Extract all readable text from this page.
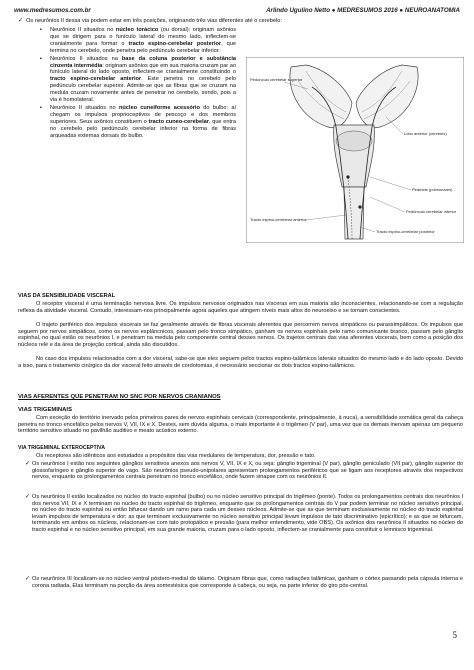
www.medresumos.com.br	Arlindo Ugulino Netto ● MEDRESUMOS 2016 ● NEUROANATOMIA
✓ Os neurônios II dessa via podem estar em três posições, originando três vias diferentes até o cerebelo:
▪ Neurônios II situados no núcleo torácico (ou dorsal): originam axônios que se dirigem para o funículo lateral do mesmo lado, inflectem-se cranialmente para formar o tracto espino-cerebelar posterior, que termina no cerebelo, onde penetra pelo pedúnculo cerebelar inferior.
▪ Neurônios II situados na base da coluna posterior e substância cinzenta intermédia: originam axônios que em sua maioria cruzam par ao funículo lateral do lado oposto, inflectem-se cranialmente constituindo o tracto espino-cerebelar anterior. Este penetra no cerebelo pelo pedúnculo cerebelar superior. Admite-se que as fibras que se cruzam na medula cruzam novamente antes de penetrar no cerebelo, sendo, pois a via é homolateral.
▪ Neurônios II situados no núcleo cuneiforme acessório do bulbo: aí chegam os impulsos proprioceptivos de pescoço e dos membros superiores. Seus axônios constituem o tracto cuneo-cerebelar, que entra no cerebelo pelo pedúnculo cerebelar inferior na forma de fibras arqueadas externas dorsais do bulbo.
Pedúnculo cerebelar superior
Lobo anterior (cerebelo)
Pirâmide (pulmonares)
Pedúnculo cerebelar inferior
Tracto espino-cerebelar anterior
Tracto espino-cerebelar posterior
VIAS DA SENSIBILIDADE VISCERAL
O receptor visceral é uma terminação nervosa livre. Os impulsos nervosos originados nas vísceras em sua maioria são inconscientes, relacionando-se com a regulação reflexa da atividade visceral. Contudo, interessam-nos principalmente agora aqueles que atingem níveis mais altos do neuroeixo e se tornam conscientes.
O trajeto periférico dos impulsos viscerais se faz geralmente através de fibras viscerais aferentes que percorrem nervos simpáticos ou parassimpáticos. Os impulsos que seguem por nervos simpáticos, como os nervos esplâncnicos, passam pelo tronco simpático, ganham os nervos espinhais pelo ramo comunicante branco, passam pelo gânglio espinhal, no qual estão os neurônios I, e penetram na medula pelo componente central desses nervos. Os trajetos centrais das vias aferentes viscerais, bem como a posição dos núcleos relé e da área de projeção cortical, ainda são discutidos.
No caso dos impulsos relacionados com a dor visceral, sabe-se que eles seguem pelos tractos espino-talâmicos laterais situados do mesmo lado e do lado oposto. Devido a isso, para o tratamento cirúrgico da dor visceral feito através de cordotomias, é necessário seccionar os dois tractos espino-talâmicos.
VIAS AFERENTES QUE PENETRAM NO SNC POR NERVOS CRANIANOS
VIAS TRIGEMINAIS
Com exceção do território inervado pelos primeiros pares de nervos espinhais cervicais (correspondente, principalmente, à nuca), a sensibilidade somática geral da cabeça penetra no tronco encefálico pelos nervos V, VII, IX e X. Destes, sem dúvida alguma, o mais importante é o trigêmeo (V par), uma vez que os demais inervam apenas um pequeno território sensitivo situado no pavilhão auditivo e meato acústico externo.
VIA TRIGEMINAL EXTEROCEPTIVA
Os receptores são idênticos aos estudados a propósitos das vias medulares de temperatura, dor, pressão e tato.
✓ Os neurônios I estão nos seguintes gânglios sensitivos anexos aos nervos V, VII, IX e X, ou seja: gânglio trigeminal (V par), gânglio geniculado (VII par), gânglio superior do glossofaríngeo e gânglio superior do vago. São neurônios pseudo-unipolares apresentam prolongamentos periféricos que se ligam aos receptores através dos respectivos nervos, enquanto os prolongamentos centrais penetram no tronco encefálico, onde fazem sinapse com os neurônios II.
✓ Os neurônios II estão localizados no núcleo do tracto espinhal (bulbo) ou no núcleo sensitivo principal do trigêmeo (ponte). Todos os prolongamentos centrais dos neurônios I dos nervos VII, IX e X terminam no núcleo do tracto espinhal do trigêmeo, enquanto que os prolongamentos centrais do V par podem terminar no núcleo sensitivo principal, no núcleo do tracto espinhal ou então bifurcar dando um ramo para cada um desses núcleos. Admite-se que as que terminam exclusivamente no núcleo do tracto espinhal levam impulsos de temperatura e dor; as que terminam exclusivamente no núcleo sensitivo principal levam impulsos de tato discriminativo (epicrítico); e as que se bifurcam, terminando em ambos os núcleos, relacionam-se com tato protopático e pressão (para melhor entendimento, vide OBS). Os axônios dos neurônios II situados no núcleo do tracto espinhal e no núcleo sensitivo principal, em sua grande maioria, cruzam para o lado oposto, inflectem-se cranialmente para constituir o lemnisco trigeminal.
✓ Os neurônios III localizam-se no núcleo ventral póstero-medial do tálamo. Originam fibras que, como radiações talâmicas, ganham o córtex passando pela cápsula interna e corona radiada. Elas terminam na porção da área somestésica que corresponde à cabeça, ou seja, na parte inferior do giro pós-central.
5
